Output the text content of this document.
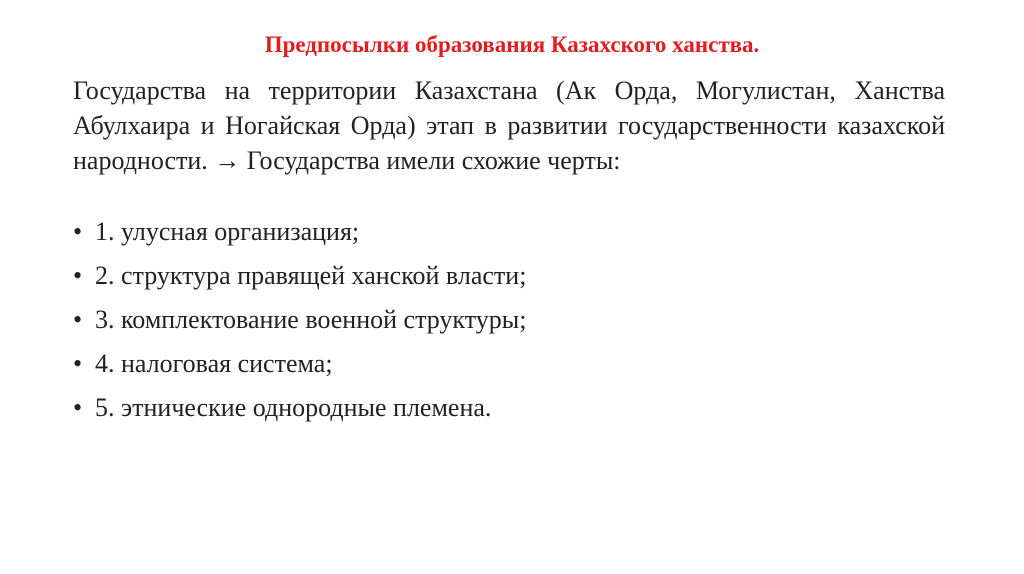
Предпосылки образования Казахского ханства.
Государства на территории Казахстана (Ак Орда, Могулистан, Ханства Абулхаира и Ногайская Орда) этап в развитии государственности казахской народности. → Государства имели схожие черты:
• 1. улусная организация;
• 2. структура правящей ханской власти;
• 3. комплектование военной структуры;
• 4. налоговая система;
• 5. этнические однородные племена.
